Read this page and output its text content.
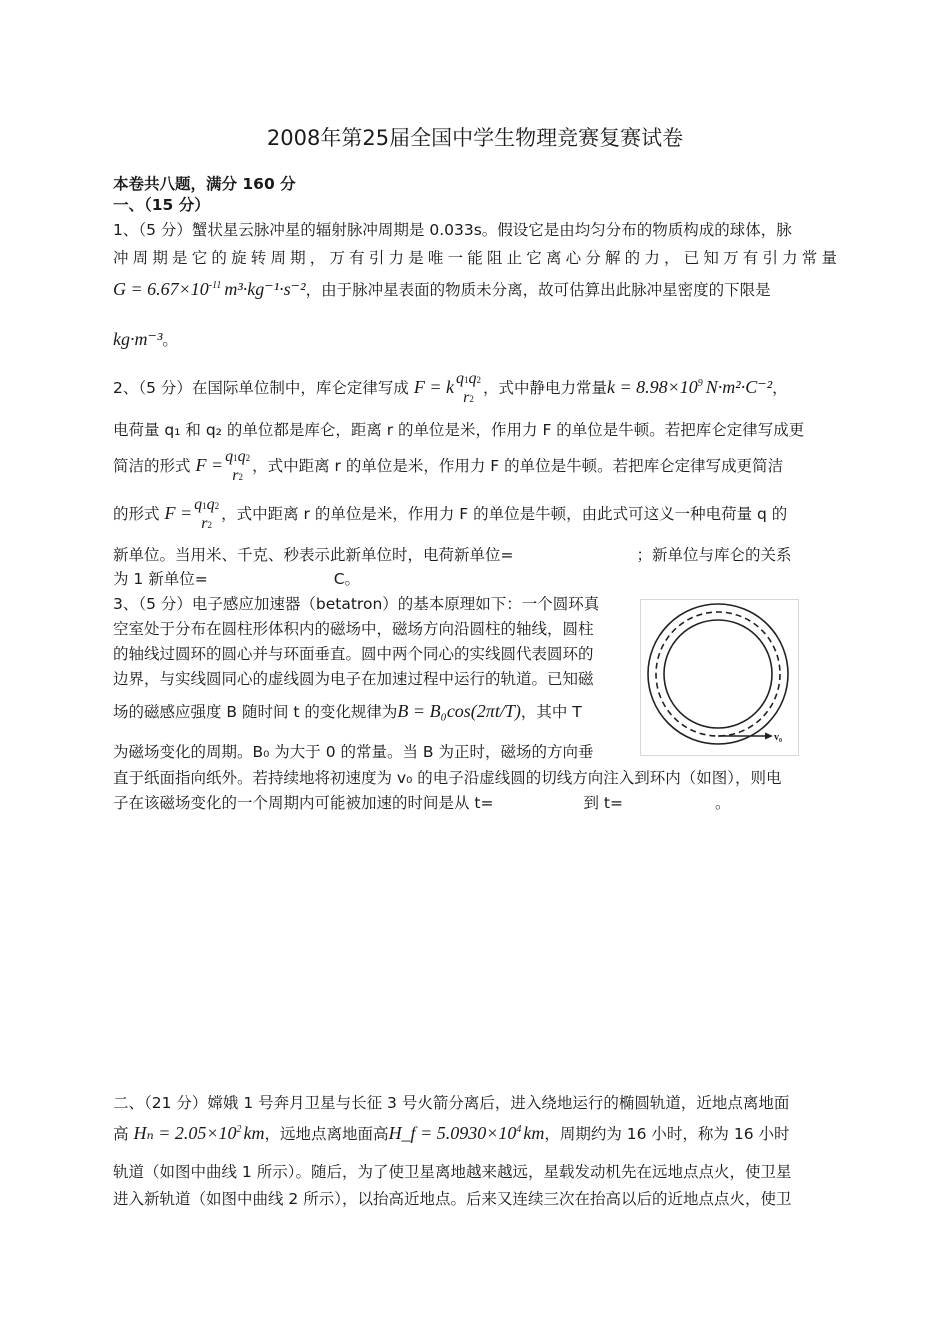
2008年第25届全国中学生物理竞赛复赛试卷
本卷共八题，满分 160 分
一、（15 分）
1、（5 分）蟹状星云脉冲星的辐射脉冲周期是 0.033s。假设它是由均匀分布的物质构成的球体，脉
冲周期是它的旋转周期，万有引力是唯一能阻止它离心分解的力，已知万有引力常量
$G = 6.67\times 10^{-11}$ m³·kg⁻¹·s⁻²，由于脉冲星表面的物质未分离，故可估算出此脉冲星密度的下限是
kg·m⁻³。
2、（5 分）在国际单位制中，库仑定律写成 F = k q1q2
r2
，式中静电力常量$k = 8.98\times 10^9$ N·m²·C⁻²，
电荷量 q₁ 和 q₂ 的单位都是库仑，距离 r 的单位是米，作用力 F 的单位是牛顿。若把库仑定律写成更
简洁的形式 F = q1q2
r2
，式中距离 r 的单位是米，作用力 F 的单位是牛顿。若把库仑定律写成更简洁
的形式 F = q1q2
r2
，式中距离 r 的单位是米，作用力 F 的单位是牛顿，由此式可这义一种电荷量 q 的
新单位。当用米、千克、秒表示此新单位时，电荷新单位=	；新单位与库仑的关系
为 1 新单位=	C。
3、（5 分）电子感应加速器（betatron）的基本原理如下：一个圆环真
空室处于分布在圆柱形体积内的磁场中，磁场方向沿圆柱的轴线，圆柱
的轴线过圆环的圆心并与环面垂直。圆中两个同心的实线圆代表圆环的
边界，与实线圆同心的虚线圆为电子在加速过程中运行的轨道。已知磁
场的磁感应强度 B 随时间 t 的变化规律为B = B₀cos(2πt/T)，其中 T
为磁场变化的周期。B₀ 为大于 0 的常量。当 B 为正时，磁场的方向垂
直于纸面指向纸外。若持续地将初速度为 v₀ 的电子沿虚线圆的切线方向注入到环内（如图），则电
子在该磁场变化的一个周期内可能被加速的时间是从 t=	到 t=	。
v₀
二、（21 分）嫦娥 1 号奔月卫星与长征 3 号火箭分离后，进入绕地运行的椭圆轨道，近地点离地面
高 $H_n = 2.05\times 10^2$ km，远地点离地面高H_f = $5.0930\times 10^4$ km，周期约为 16 小时，称为 16 小时
轨道（如图中曲线 1 所示）。随后，为了使卫星离地越来越远，星载发动机先在远地点点火，使卫星
进入新轨道（如图中曲线 2 所示），以抬高近地点。后来又连续三次在抬高以后的近地点点火，使卫
